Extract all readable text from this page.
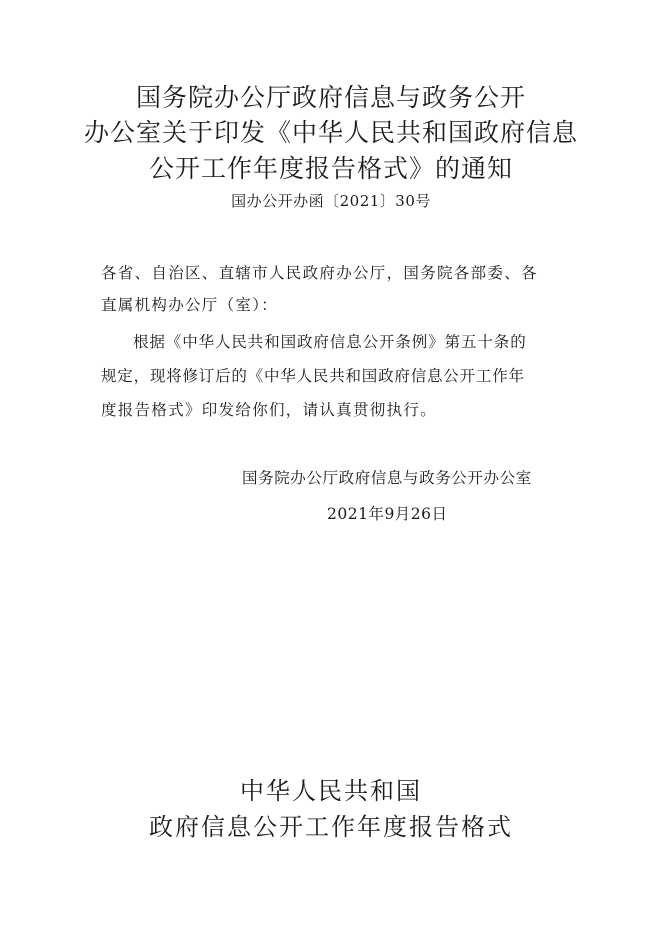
国务院办公厅政府信息与政务公开
办公室关于印发《中华人民共和国政府信息
公开工作年度报告格式》的通知
国办公开办函〔2021〕30号
各省、自治区、直辖市人民政府办公厅，国务院各部委、各
直属机构办公厅（室）：
根据《中华人民共和国政府信息公开条例》第五十条的
规定，现将修订后的《中华人民共和国政府信息公开工作年
度报告格式》印发给你们，请认真贯彻执行。
国务院办公厅政府信息与政务公开办公室
2021年9月26日
中华人民共和国
政府信息公开工作年度报告格式
